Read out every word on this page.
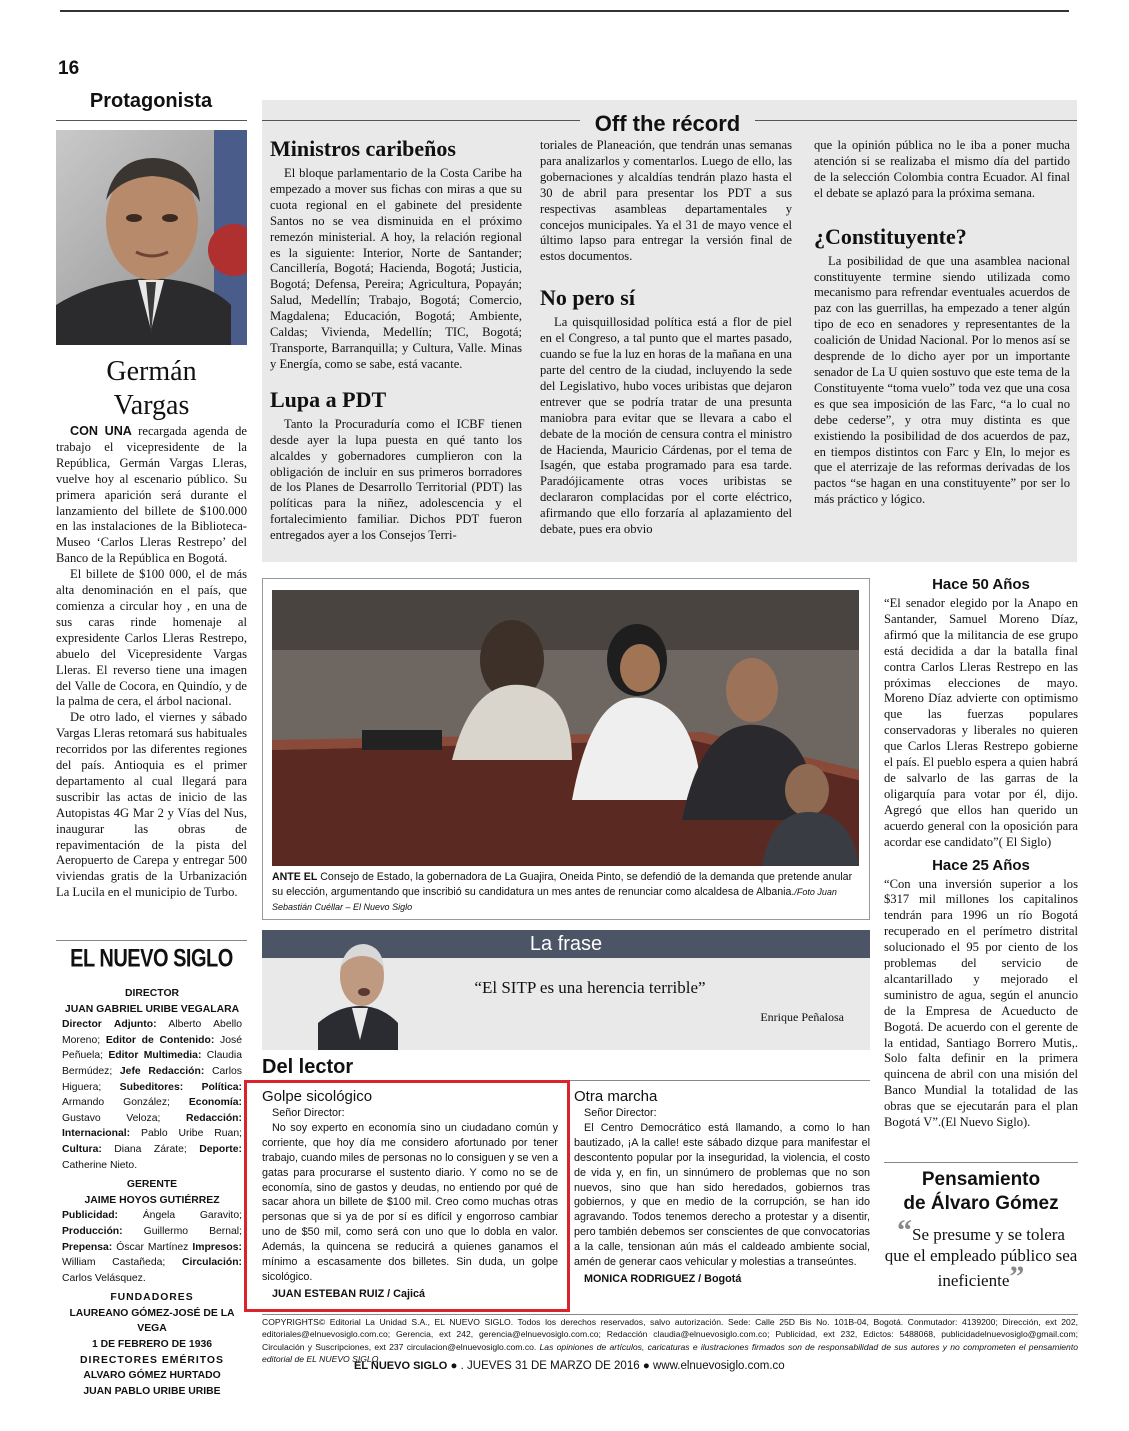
16
Protagonista
Germán
Vargas

CON UNA recargada agenda de trabajo el vicepresidente de la República, Germán Vargas Lleras, vuelve hoy al escenario público. Su primera aparición será durante el lanzamiento del billete de $100.000 en las instalaciones de la Biblioteca-Museo ‘Carlos Lleras Restrepo’ del Banco de la República en Bogotá.

El billete de $100 000, el de más alta denominación en el país, que comienza a circular hoy , en una de sus caras rinde homenaje al expresidente Carlos Lleras Restrepo, abuelo del Vicepresidente Vargas Lleras. El reverso tiene una imagen del Valle de Cocora, en Quindío, y de la palma de cera, el árbol nacional.

De otro lado, el viernes y sábado Vargas Lleras retomará sus habituales recorridos por las diferentes regiones del país. Antioquia es el primer departamento al cual llegará para suscribir las actas de inicio de las Autopistas 4G Mar 2 y Vías del Nus, inaugurar las obras de repavimentación de la pista del Aeropuerto de Carepa y entregar 500 viviendas gratis de la Urbanización La Lucila en el municipio de Turbo.

Off the récord
Ministros caribeños

El bloque parlamentario de la Costa Caribe ha empezado a mover sus fichas con miras a que su cuota regional en el gabinete del presidente Santos no se vea disminuida en el próximo remezón ministerial. A hoy, la relación regional es la siguiente: Interior, Norte de Santander; Cancillería, Bogotá; Hacienda, Bogotá; Justicia, Bogotá; Defensa, Pereira; Agricultura, Popayán; Salud, Medellín; Trabajo, Bogotá; Comercio, Magdalena; Educación, Bogotá; Ambiente, Caldas; Vivienda, Medellín; TIC, Bogotá; Transporte, Barranquilla; y Cultura, Valle. Minas y Energía, como se sabe, está vacante.

Lupa a PDT

Tanto la Procuraduría como el ICBF tienen desde ayer la lupa puesta en qué tanto los alcaldes y gobernadores cumplieron con la obligación de incluir en sus primeros borradores de los Planes de Desarrollo Territorial (PDT) las políticas para la niñez, adolescencia y el fortalecimiento familiar. Dichos PDT fueron entregados ayer a los Consejos Terri-

toriales de Planeación, que tendrán unas semanas para analizarlos y comentarlos. Luego de ello, las gobernaciones y alcaldías tendrán plazo hasta el 30 de abril para presentar los PDT a sus respectivas asambleas departamentales y concejos municipales. Ya el 31 de mayo vence el último lapso para entregar la versión final de estos documentos.

No pero sí

La quisquillosidad política está a flor de piel en el Congreso, a tal punto que el martes pasado, cuando se fue la luz en horas de la mañana en una parte del centro de la ciudad, incluyendo la sede del Legislativo, hubo voces uribistas que dejaron entrever que se podría tratar de una presunta maniobra para evitar que se llevara a cabo el debate de la moción de censura contra el ministro de Hacienda, Mauricio Cárdenas, por el tema de Isagén, que estaba programado para esa tarde. Paradójicamente otras voces uribistas se declararon complacidas por el corte eléctrico, afirmando que ello forzaría al aplazamiento del debate, pues era obvio

que la opinión pública no le iba a poner mucha atención si se realizaba el mismo día del partido de la selección Colombia contra Ecuador. Al final el debate se aplazó para la próxima semana.

¿Constituyente?

La posibilidad de que una asamblea nacional constituyente termine siendo utilizada como mecanismo para refrendar eventuales acuerdos de paz con las guerrillas, ha empezado a tener algún tipo de eco en senadores y representantes de la coalición de Unidad Nacional. Por lo menos así se desprende de lo dicho ayer por un importante senador de La U quien sostuvo que este tema de la Constituyente “toma vuelo” toda vez que una cosa es que sea imposición de las Farc, “a lo cual no debe cederse”, y otra muy distinta es que existiendo la posibilidad de dos acuerdos de paz, en tiempos distintos con Farc y Eln, lo mejor es que el aterrizaje de las reformas derivadas de los pactos “se hagan en una constituyente” por ser lo más práctico y lógico.

ANTE EL Consejo de Estado, la gobernadora de La Guajira, Oneida Pinto, se defendió de la demanda que pretende anular su elección, argumentando que inscribió su candidatura un mes antes de renunciar como alcaldesa de Albania./Foto Juan Sebastián Cuéllar – El Nuevo Siglo
Hace 50 Años
“El senador elegido por la Anapo en Santander, Samuel Moreno Díaz, afirmó que la militancia de ese grupo está decidida a dar la batalla final contra Carlos Lleras Restrepo en las próximas elecciones de mayo. Moreno Díaz advierte con optimismo que las fuerzas populares conservadoras y liberales no quieren que Carlos Lleras Restrepo gobierne el país. El pueblo espera a quien habrá de salvarlo de las garras de la oligarquía para votar por él, dijo. Agregó que ellos han querido un acuerdo general con la oposición para acordar ese candidato”( El Siglo)
Hace 25 Años
“Con una inversión superior a los $317 mil millones los capitalinos tendrán para 1996 un río Bogotá recuperado en el perímetro distrital solucionado el 95 por ciento de los problemas del servicio de alcantarillado y mejorado el suministro de agua, según el anuncio de la Empresa de Acueducto de Bogotá. De acuerdo con el gerente de la entidad, Santiago Borrero Mutis,. Solo falta definir en la primera quincena de abril con una misión del Banco Mundial la totalidad de las obras que se ejecutarán para el plan Bogotá V”.(El Nuevo Siglo).
Pensamiento
de Álvaro Gómez
“Se presume y se tolera que el empleado público sea ineficiente”
EL NUEVO SIGLO
DIRECTOR
JUAN GABRIEL URIBE VEGALARA
Director Adjunto: Alberto Abello Moreno; Editor de Contenido: José Peñuela; Editor Multimedia: Claudia Bermúdez; Jefe Redacción: Carlos Higuera; Subeditores: Política: Armando González; Economía: Gustavo Veloza; Redacción: Internacional: Pablo Uribe Ruan; Cultura: Diana Zárate; Deporte: Catherine Nieto.
GERENTE
JAIME HOYOS GUTIÉRREZ
Publicidad: Ángela Garavito; Producción: Guillermo Bernal; Prepensa: Óscar Martínez Impresos: William Castañeda; Circulación: Carlos Velásquez.
FUNDADORES
LAUREANO GÓMEZ-JOSÉ DE LA VEGA
1 DE FEBRERO DE 1936
DIRECTORES EMÉRITOS
ALVARO GÓMEZ HURTADO
JUAN PABLO URIBE URIBE
La frase
“El SITP es una herencia terrible”
Enrique Peñalosa
Del lector
Golpe sicológico
Señor Director:

No soy experto en economía sino un ciudadano común y corriente, que hoy día me considero afortunado por tener trabajo, cuando miles de personas no lo consiguen y se ven a gatas para procurarse el sustento diario. Y como no se de economía, sino de gastos y deudas, no entiendo por qué de sacar ahora un billete de $100 mil. Creo como muchas otras personas que si ya de por sí es difícil y engorroso cambiar uno de $50 mil, como será con uno que lo dobla en valor. Además, la quincena se reducirá a quienes ganamos el mínimo a escasamente dos billetes. Sin duda, un golpe sicológico.

JUAN ESTEBAN RUIZ / Cajicá
Otra marcha
Señor Director:

El Centro Democrático está llamando, a como lo han bautizado, ¡A la calle! este sábado dizque para manifestar el descontento popular por la inseguridad, la violencia, el costo de vida y, en fin, un sinnúmero de problemas que no son nuevos, sino que han sido heredados, gobiernos tras gobiernos, y que en medio de la corrupción, se han ido agravando. Todos tenemos derecho a protestar y a disentir, pero también debemos ser conscientes de que convocatorias a la calle, tensionan aún más el caldeado ambiente social, amén de generar caos vehicular y molestias a transeúntes.

MONICA RODRIGUEZ / Bogotá
COPYRIGHTS© Editorial La Unidad S.A., EL NUEVO SIGLO. Todos los derechos reservados, salvo autorización. Sede: Calle 25D Bis No. 101B-04, Bogotá. Conmutador: 4139200; Dirección, ext 202, editoriales@elnuevosiglo.com.co; Gerencia, ext 242, gerencia@elnuevosiglo.com.co; Redacción claudia@elnuevosiglo.com.co; Publicidad, ext 232, Edictos: 5488068, publicidadelnuevosiglo@gmail.com; Circulación y Suscripciones, ext 237 circulacion@elnuevosiglo.com.co. Las opiniones de artículos, caricaturas e ilustraciones firmados son de responsabilidad de sus autores y no comprometen el pensamiento editorial de EL NUEVO SIGLO
EL NUEVO SIGLO ● . JUEVES 31 DE MARZO DE 2016 ● www.elnuevosiglo.com.co
